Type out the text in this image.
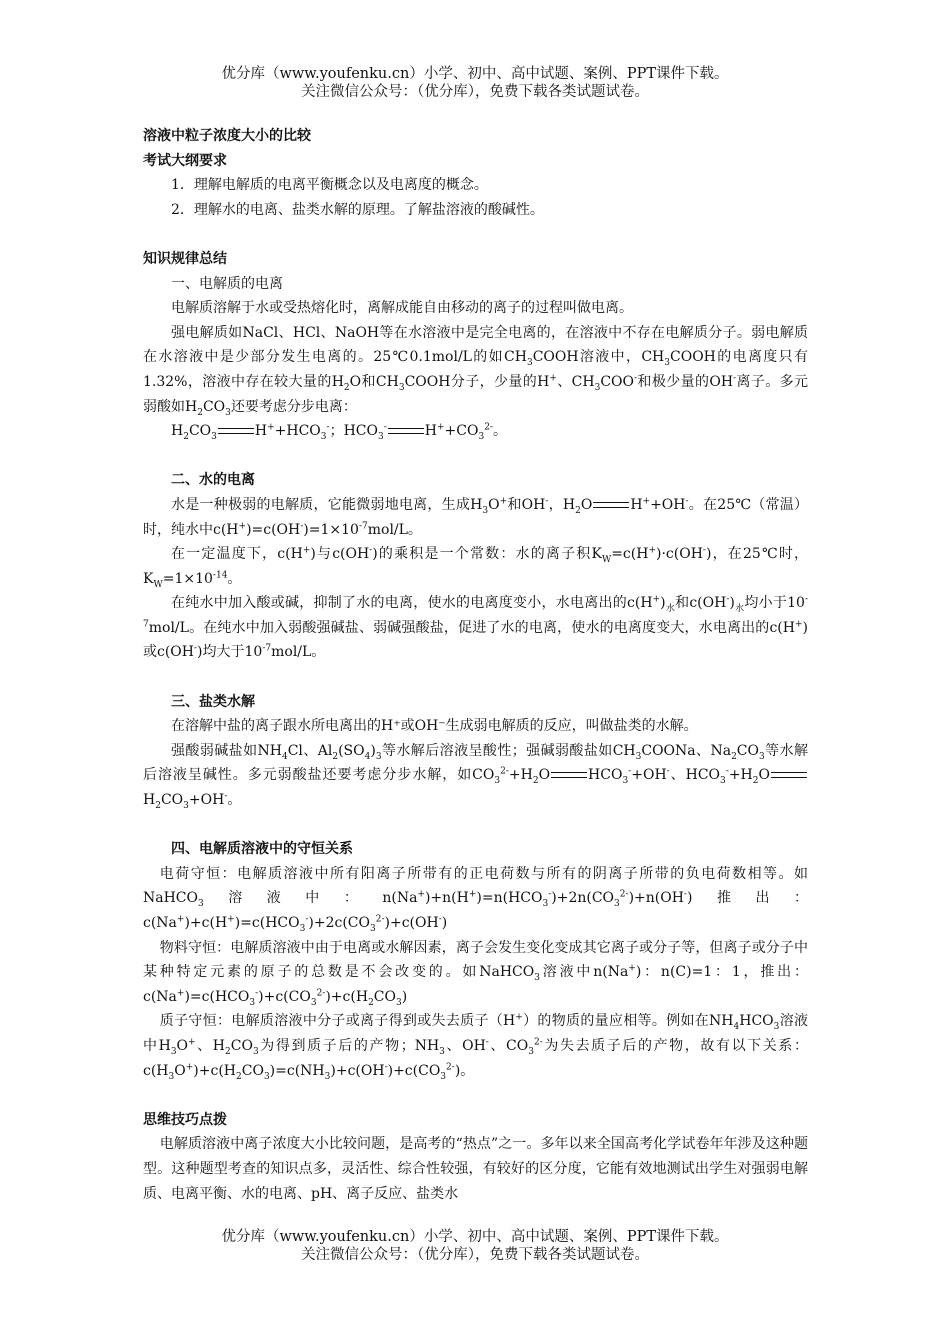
优分库（www.youfenku.cn）小学、初中、高中试题、案例、PPT课件下载。
关注微信公众号：（优分库），免费下载各类试题试卷。

溶液中粒子浓度大小的比较

考试大纲要求

1．理解电解质的电离平衡概念以及电离度的概念。

2．理解水的电离、盐类水解的原理。了解盐溶液的酸碱性。

知识规律总结

一、电解质的电离

电解质溶解于水或受热熔化时，离解成能自由移动的离子的过程叫做电离。

强电解质如NaCl、HCl、NaOH等在水溶液中是完全电离的，在溶液中不存在电解质分子。弱电解质在水溶液中是少部分发生电离的。25℃0.1mol/L的如$CH_3COOH$溶液中，$CH_3COOH$的电离度只有1.32%，溶液中存在较大量的$H_2O$和$CH_3COOH$分子，少量的H+、$CH_3COO^-$和极少量的OH-离子。多元弱酸如$H_2CO_3$还要考虑分步电离：

$H_2CO_3$	$H^++HCO_3^-$；$HCO_3^-$	$H^++CO_3^{2-}$。

二、水的电离

水是一种极弱的电解质，它能微弱地电离，生成$H_3O^+$和OH-，$H_2O$	H++OH-。在25℃（常温）时，纯水中$c(H^+)=c(OH^-)=1\times 10^{-7}mol/L$。

在一定温度下，c(H+)与c(OH-)的乘积是一个常数：水的离子积$K_W=c(H^+)\cdot c(OH^-)$，在25℃时，$K_W=1\times 10^{-14}$。

在纯水中加入酸或碱，抑制了水的电离，使水的电离度变小，水电离出的$c(H^+)_水$和$c(OH^-)_水$均小于$10^{-7}mol/L$。在纯水中加入弱酸强碱盐、弱碱强酸盐，促进了水的电离，使水的电离度变大，水电离出的c(H+)或c(OH-)均大于$10^{-7}mol/L$。

三、盐类水解

在溶解中盐的离子跟水所电离出的H⁺或OH⁻生成弱电解质的反应，叫做盐类的水解。

强酸弱碱盐如$NH_4Cl$、$Al_2(SO_4)_3$等水解后溶液呈酸性；强碱弱酸盐如$CH_3COONa$、$Na_2CO_3$等水解后溶液呈碱性。多元弱酸盐还要考虑分步水解，如$CO_3^{2-}+H_2O$	$HCO_3^-+OH^-$、$HCO_3^-+H_2OH_2CO_3+OH^-$。

四、电解质溶液中的守恒关系

电荷守恒：电解质溶液中所有阳离子所带有的正电荷数与所有的阴离子所带的负电荷数相等。如NaHCO$_3$溶液中：$n(Na^+)+n(H^+)=n(HCO_3^-)+2n(CO_3^{2-})+n(OH^-)$推出：$c(Na^+)+c(H^+)=c(HCO_3^-)+2c(CO_3^{2-})+c(OH^-)$

物料守恒：电解质溶液中由于电离或水解因素，离子会发生变化变成其它离子或分子等，但离子或分子中某种特定元素的原子的总数是不会改变的。如NaHCO$_3$溶液中n(Na+)：n(C)=1：1，推出：$c(Na^+)=c(HCO_3^-)+c(CO_3^{2-})+c(H_2CO_3)$

质子守恒：电解质溶液中分子或离子得到或失去质子（H+）的物质的量应相等。例如在$NH_4HCO_3$溶液中$H_3O^+$、$H_2CO_3$为得到质子后的产物；$NH_3$、OH-、$CO_3^{2-}$为失去质子后的产物，故有以下关系：$c(H_3O^+)+c(H_2CO_3)=c(NH_3)+c(OH^-)+c(CO_3^{2-})$。

思维技巧点拨

电解质溶液中离子浓度大小比较问题，是高考的“热点”之一。多年以来全国高考化学试卷年年涉及这种题型。这种题型考查的知识点多，灵活性、综合性较强，有较好的区分度，它能有效地测试出学生对强弱电解质、电离平衡、水的电离、pH、离子反应、盐类水

优分库（www.youfenku.cn）小学、初中、高中试题、案例、PPT课件下载。
关注微信公众号：（优分库），免费下载各类试题试卷。
